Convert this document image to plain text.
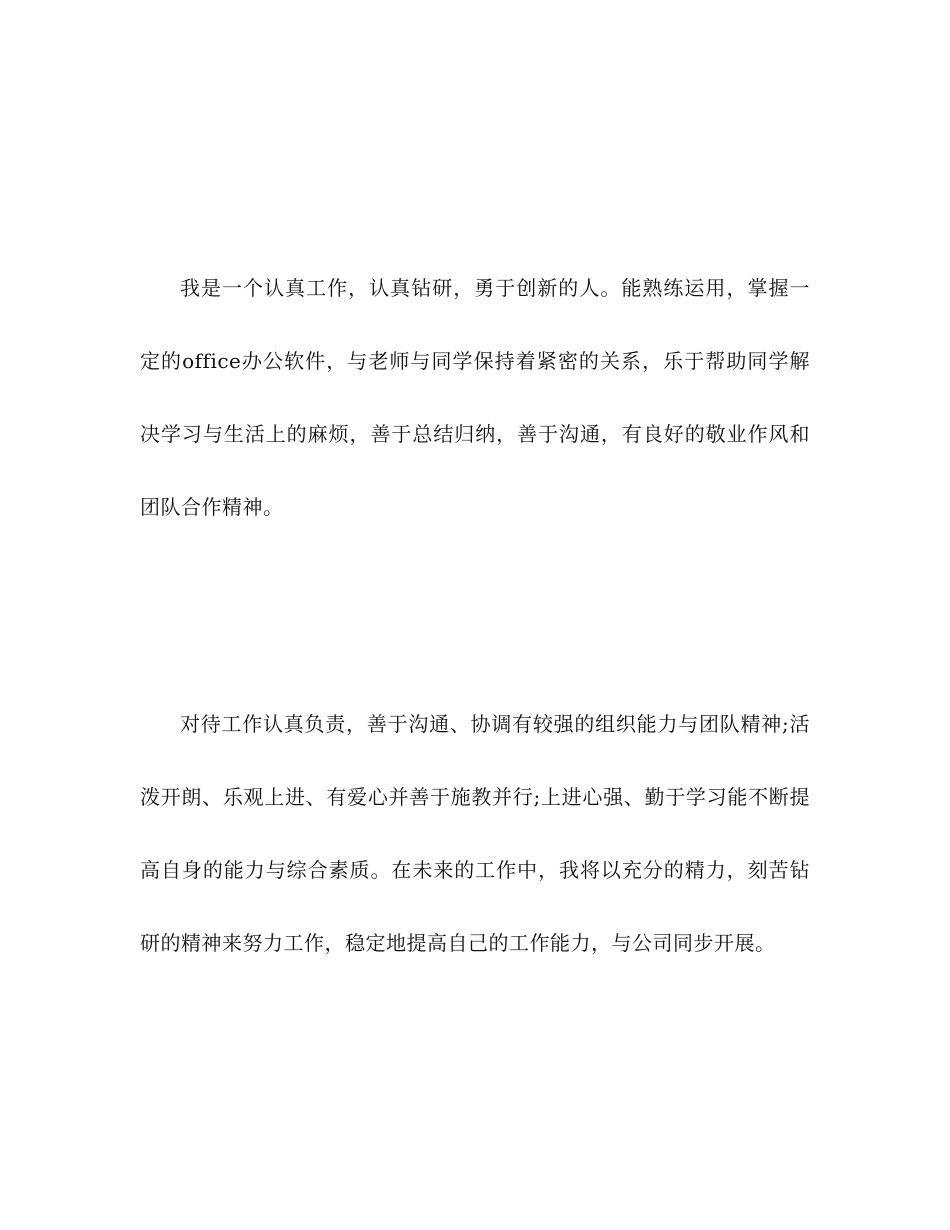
我是一个认真工作，认真钻研，勇于创新的人。能熟练运用，掌握一定的office办公软件，与老师与同学保持着紧密的关系，乐于帮助同学解决学习与生活上的麻烦，善于总结归纳，善于沟通，有良好的敬业作风和团队合作精神。

对待工作认真负责，善于沟通、协调有较强的组织能力与团队精神;活泼开朗、乐观上进、有爱心并善于施教并行;上进心强、勤于学习能不断提高自身的能力与综合素质。在未来的工作中，我将以充分的精力，刻苦钻研的精神来努力工作，稳定地提高自己的工作能力，与公司同步开展。
